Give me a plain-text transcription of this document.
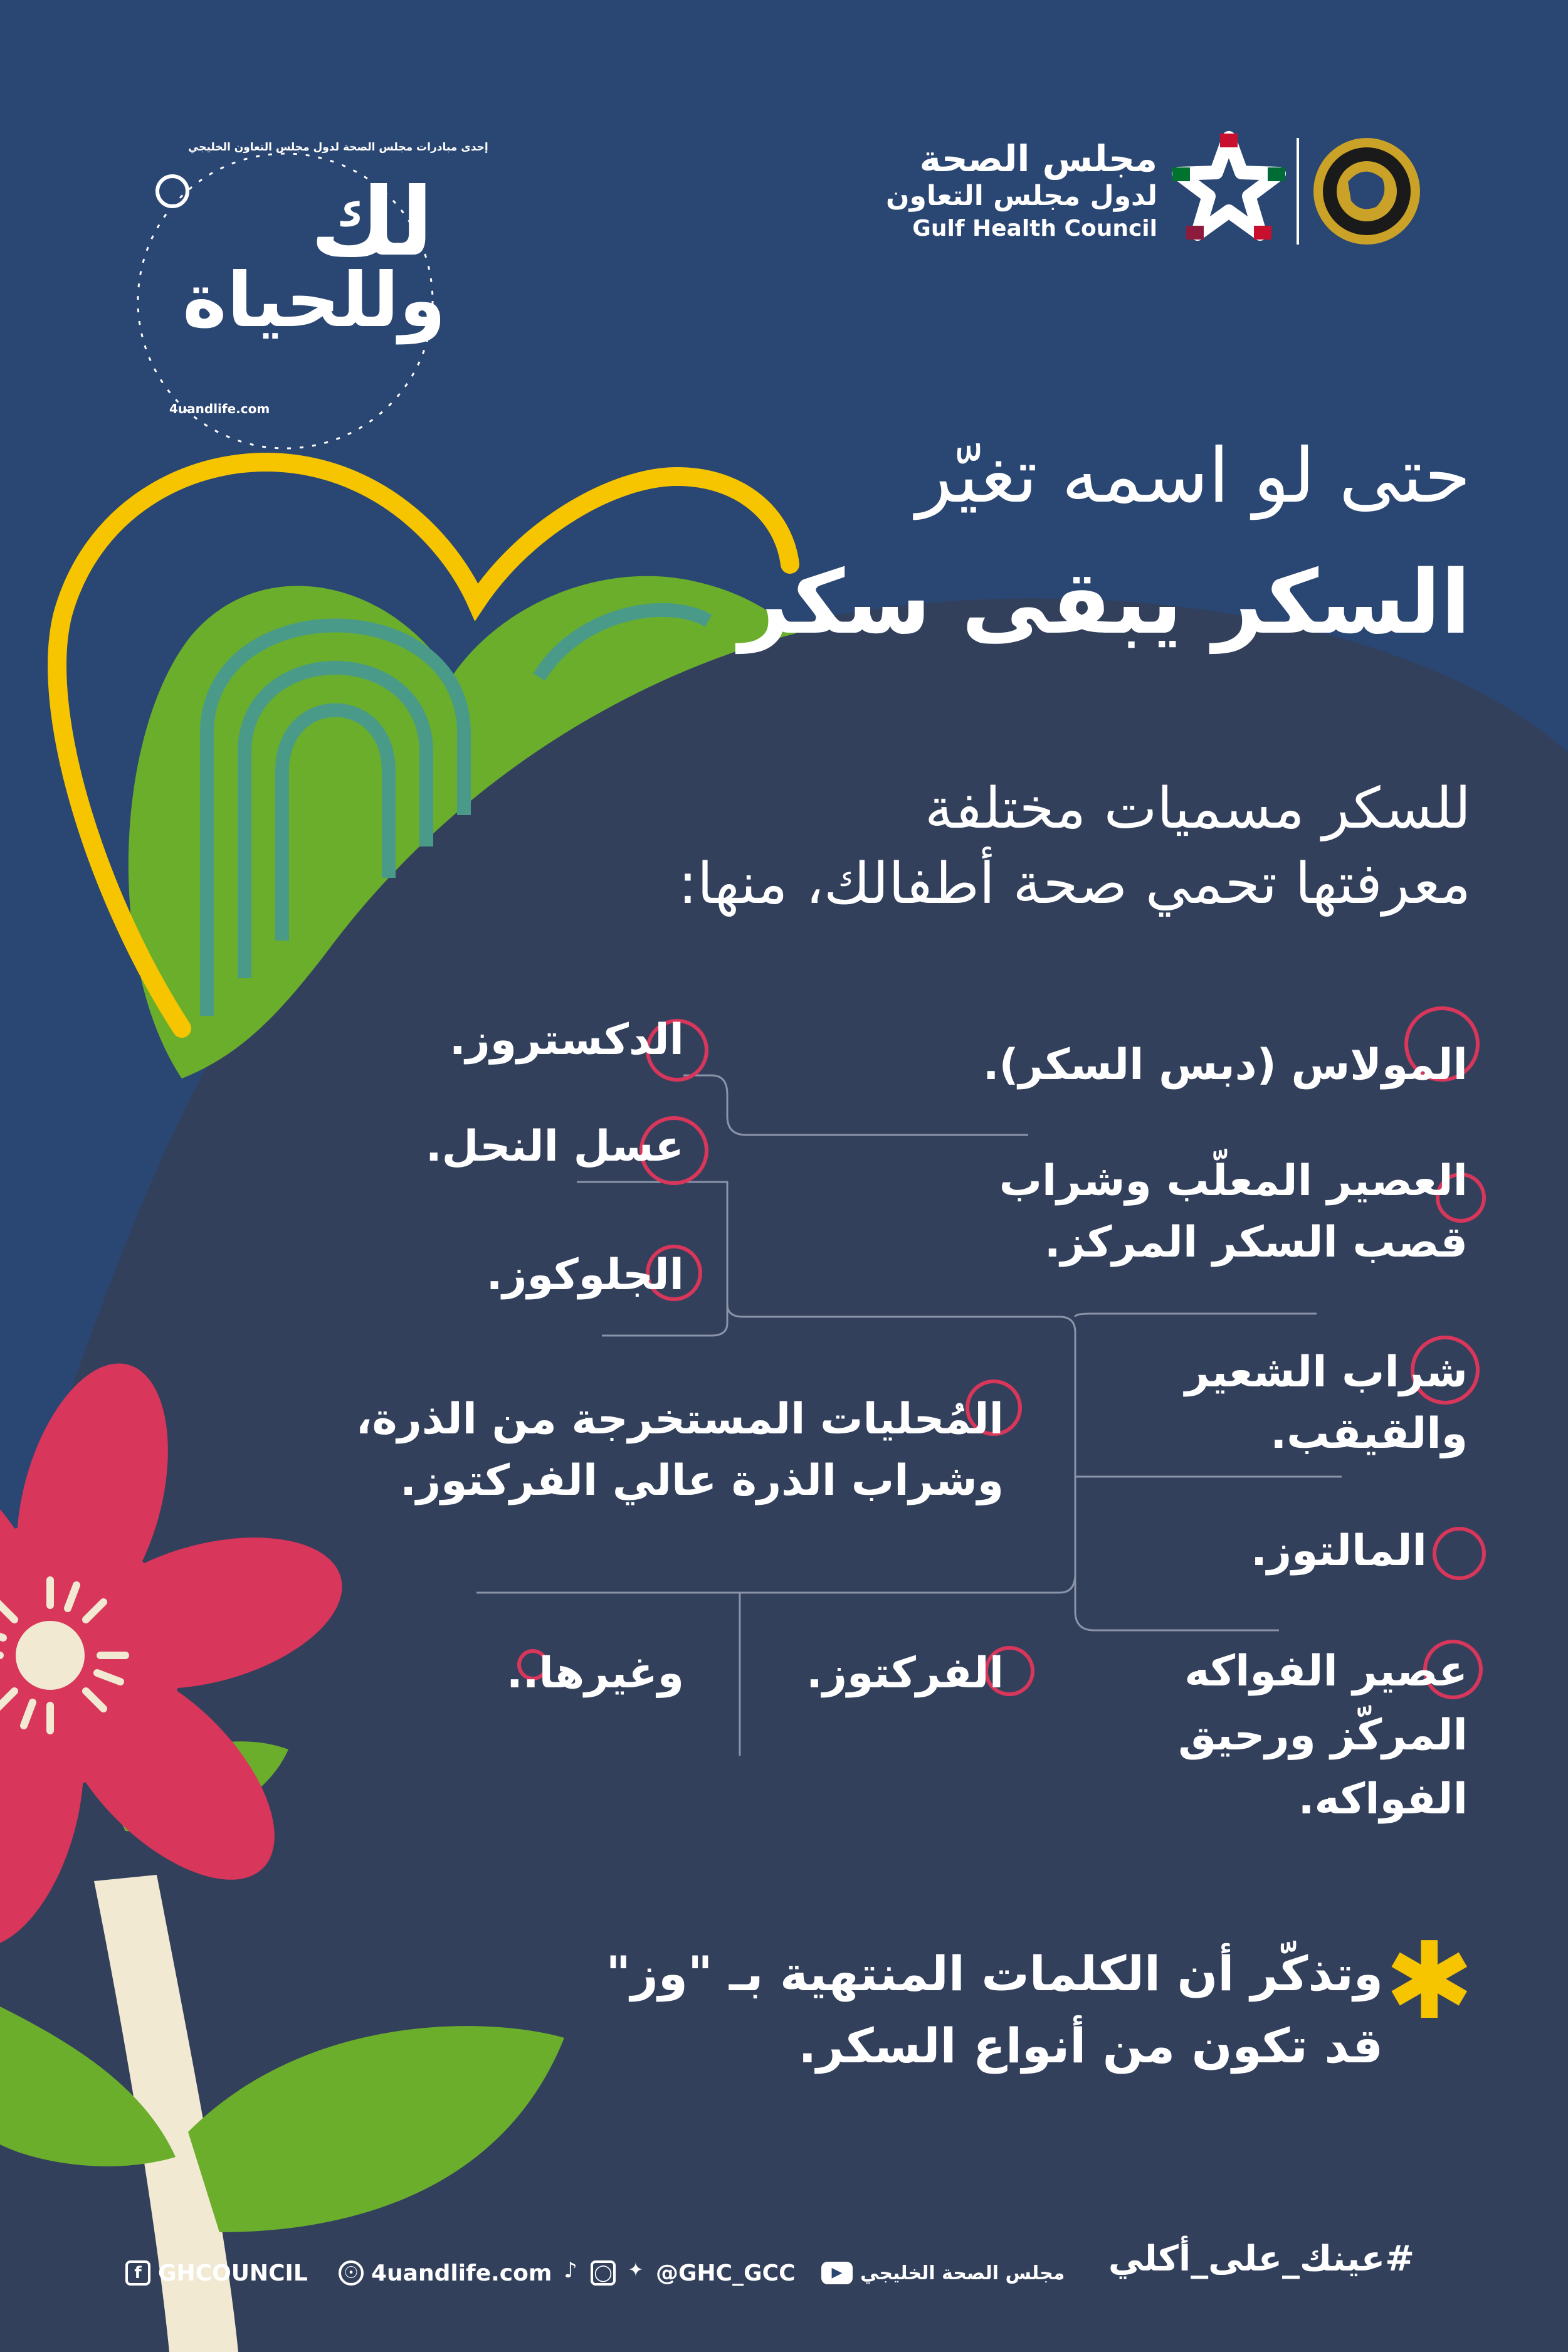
لك
وللحياة
4uandlife.com
إحدى مبادرات مجلس الصحة لدول مجلس التعاون الخليجي	مجلس الصحة
لدول مجلس التعاون
Gulf Health Council
حتى لو اسمه تغيّر
السكر يبقى سكر
للسكر مسميات مختلفة
معرفتها تحمي صحة أطفالك، منها:
المولاس (دبس السكر).
العصير المعلّب وشراب
قصب السكر المركز.
شراب الشعير
والقيقب.
المالتوز.
عصير الفواكه
المركّز ورحيق
الفواكه.
الدكستروز.
عسل النحل.
الجلوكوز.
المُحليات المستخرجة من الذرة،
وشراب الذرة عالي الفركتوز.
الفركتوز.
وغيرها..
✱
وتذكّر أن الكلمات المنتهية بـ "وز"
قد تكون من أنواع السكر.
f GHCOUNCIL	☉ 4uandlife.com ♪	◯ ✦ @GHC_GCC	▶ مجلس الصحة الخليجي #عينك_على_أكلي
